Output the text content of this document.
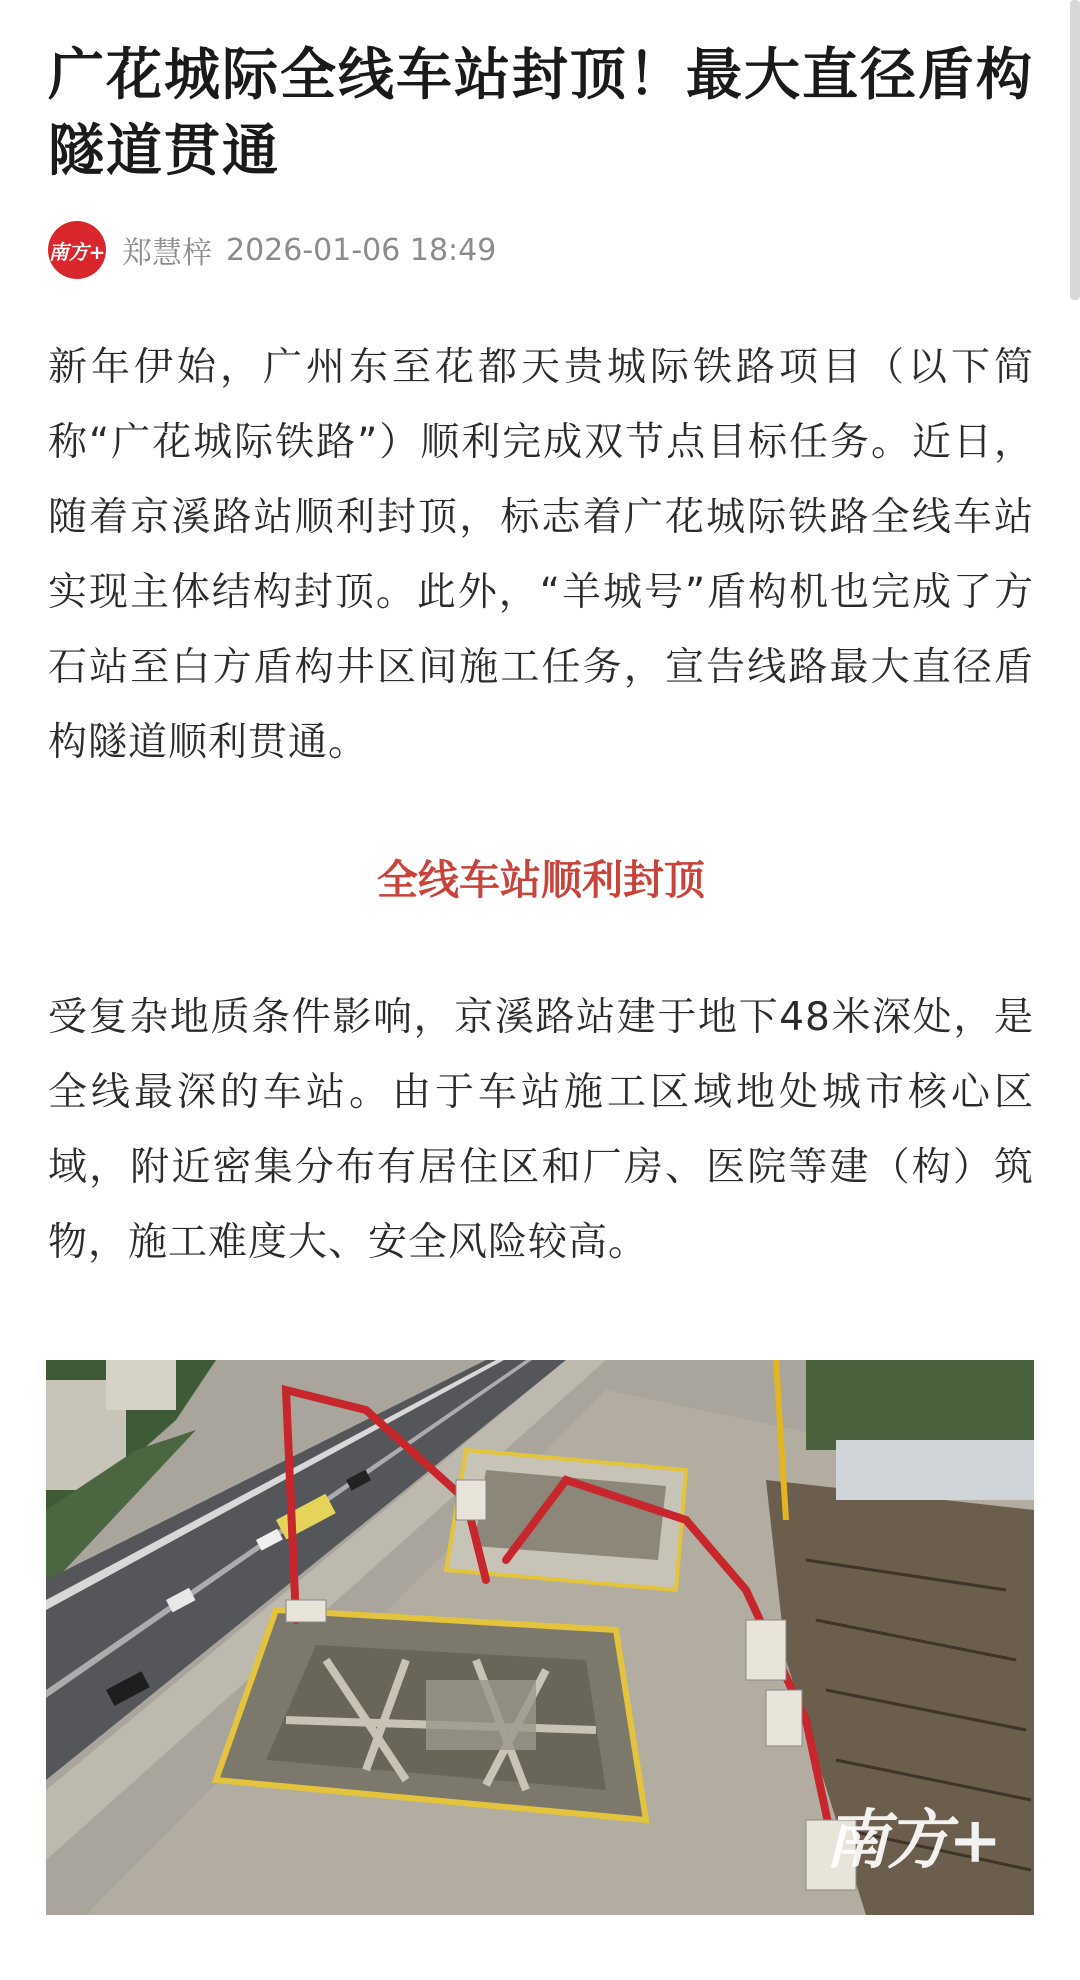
广花城际全线车站封顶！最大直径盾构隧道贯通
南方+ 郑慧梓 2026-01-06 18:49

新年伊始，广州东至花都天贵城际铁路项目（以下简称“广花城际铁路”）顺利完成双节点目标任务。近日，随着京溪路站顺利封顶，标志着广花城际铁路全线车站实现主体结构封顶。此外，“羊城号”盾构机也完成了方石站至白方盾构井区间施工任务，宣告线路最大直径盾构隧道顺利贯通。

全线车站顺利封顶

受复杂地质条件影响，京溪路站建于地下48米深处，是全线最深的车站。由于车站施工区域地处城市核心区域，附近密集分布有居住区和厂房、医院等建（构）筑物，施工难度大、安全风险较高。

南方+
